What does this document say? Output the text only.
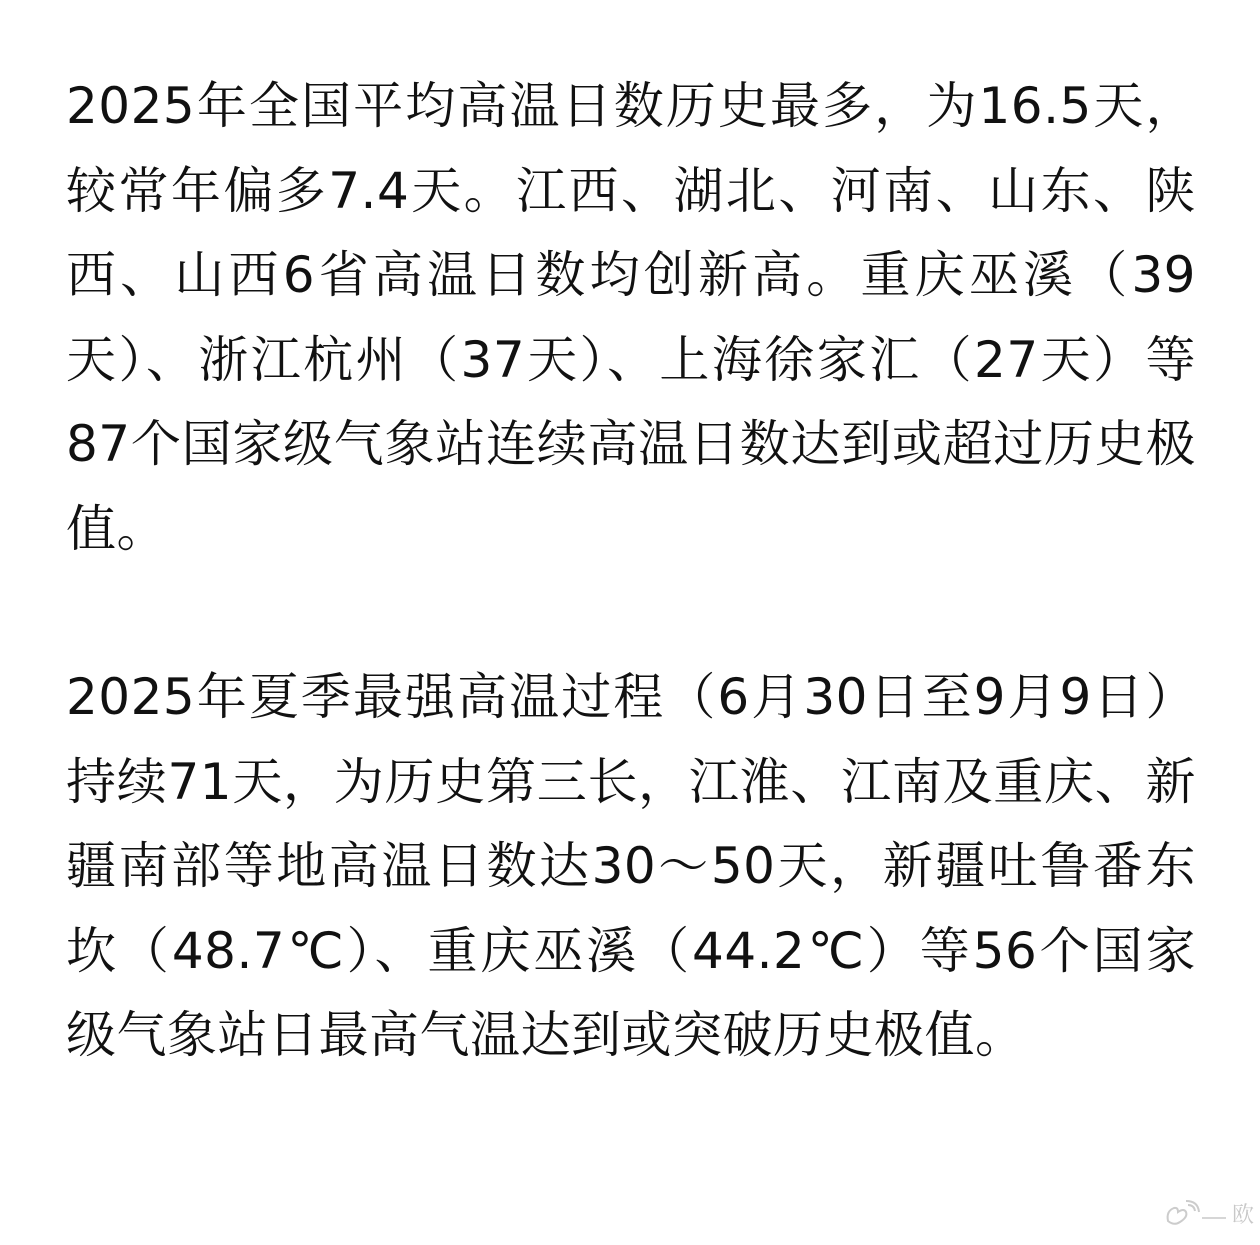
2025年全国平均高温日数历史最多，为16.5天，较常年偏多7.4天。江西、湖北、河南、山东、陕西、山西6省高温日数均创新高。重庆巫溪（39天）、浙江杭州（37天）、上海徐家汇（27天）等87个国家级气象站连续高温日数达到或超过历史极值。

2025年夏季最强高温过程（6月30日至9月9日）持续71天，为历史第三长，江淮、江南及重庆、新疆南部等地高温日数达30～50天，新疆吐鲁番东坎（48.7℃）、重庆巫溪（44.2℃）等56个国家级气象站日最高气温达到或突破历史极值。

欧
